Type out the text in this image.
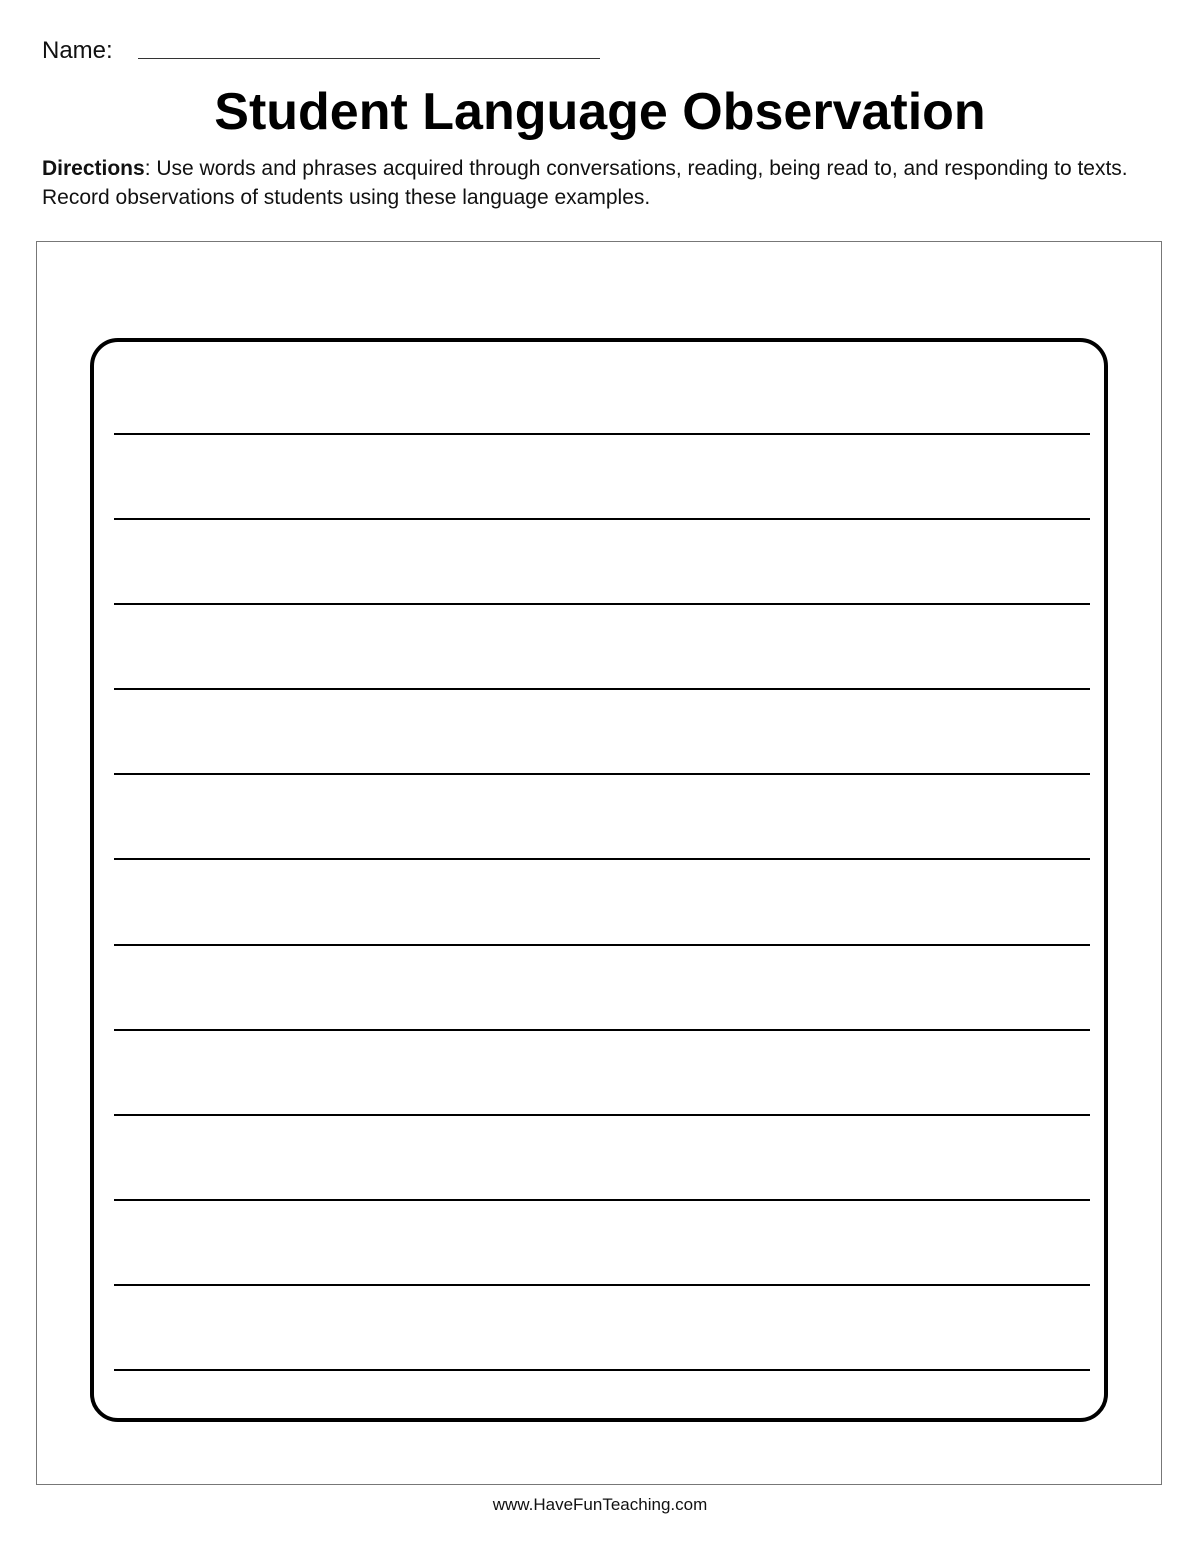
Name:
Student Language Observation
Directions: Use words and phrases acquired through conversations, reading, being read to, and responding to texts. Record observations of students using these language examples.
www.HaveFunTeaching.com
